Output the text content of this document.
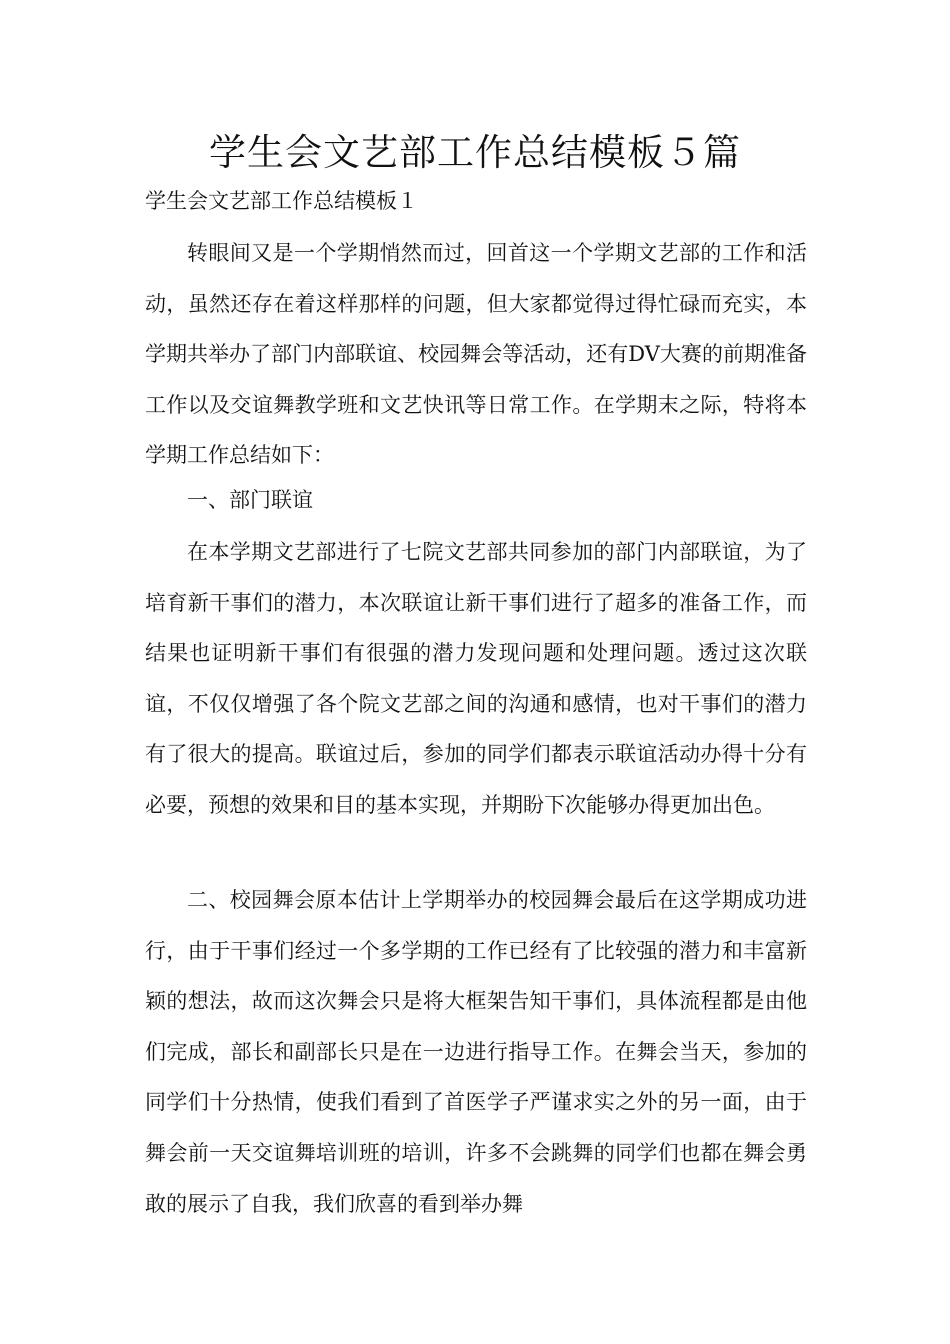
学生会文艺部工作总结模板５篇

学生会文艺部工作总结模板１

转眼间又是一个学期悄然而过，回首这一个学期文艺部的工作和活动，虽然还存在着这样那样的问题，但大家都觉得过得忙碌而充实，本学期共举办了部门内部联谊、校园舞会等活动，还有DV大赛的前期准备工作以及交谊舞教学班和文艺快讯等日常工作。在学期末之际，特将本学期工作总结如下：

一、部门联谊

在本学期文艺部进行了七院文艺部共同参加的部门内部联谊，为了培育新干事们的潜力，本次联谊让新干事们进行了超多的准备工作，而结果也证明新干事们有很强的潜力发现问题和处理问题。透过这次联谊，不仅仅增强了各个院文艺部之间的沟通和感情，也对干事们的潜力有了很大的提高。联谊过后，参加的同学们都表示联谊活动办得十分有必要，预想的效果和目的基本实现，并期盼下次能够办得更加出色。

二、校园舞会原本估计上学期举办的校园舞会最后在这学期成功进行，由于干事们经过一个多学期的工作已经有了比较强的潜力和丰富新颖的想法，故而这次舞会只是将大框架告知干事们，具体流程都是由他们完成，部长和副部长只是在一边进行指导工作。在舞会当天，参加的同学们十分热情，使我们看到了首医学子严谨求实之外的另一面，由于舞会前一天交谊舞培训班的培训，许多不会跳舞的同学们也都在舞会勇敢的展示了自我，我们欣喜的看到举办舞
